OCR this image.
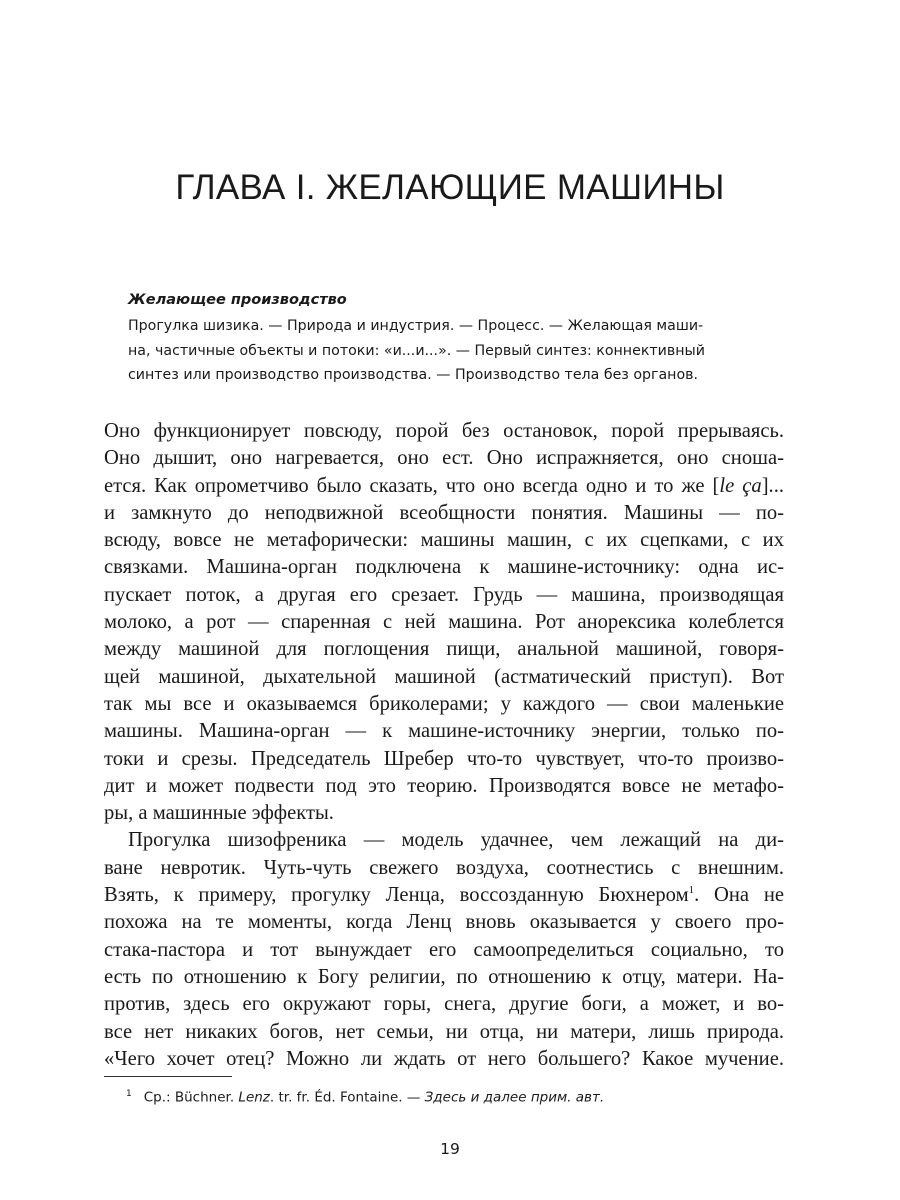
ГЛАВА I. ЖЕЛАЮЩИЕ МАШИНЫ

Желающее производство

Прогулка шизика. — Природа и индустрия. — Процесс. — Желающая маши-
на, частичные объекты и потоки: «и...и...». — Первый синтез: коннективный
синтез или производство производства. — Производство тела без органов.

Оно функционирует повсюду, порой без остановок, порой прерываясь.
Оно дышит, оно нагревается, оно ест. Оно испражняется, оно сноша-
ется. Как опрометчиво было сказать, что оно всегда одно и то же [le ça]...
и замкнуто до неподвижной всеобщности понятия. Машины — по-
всюду, вовсе не метафорически: машины машин, с их сцепками, с их
связками. Машина-орган подключена к машине-источнику: одна ис-
пускает поток, а другая его срезает. Грудь — машина, производящая
молоко, а рот — спаренная с ней машина. Рот анорексика колеблется
между машиной для поглощения пищи, анальной машиной, говоря-
щей машиной, дыхательной машиной (астматический приступ). Вот
так мы все и оказываемся бриколерами; у каждого — свои маленькие
машины. Машина-орган — к машине-источнику энергии, только по-
токи и срезы. Председатель Шребер что-то чувствует, что-то произво-
дит и может подвести под это теорию. Производятся вовсе не метафо-
ры, а машинные эффекты.

Прогулка шизофреника — модель удачнее, чем лежащий на ди-
ване невротик. Чуть-чуть свежего воздуха, соотнестись с внешним.
Взять, к примеру, прогулку Ленца, воссозданную Бюхнером$^1$. Она не
похожа на те моменты, когда Ленц вновь оказывается у своего про-
стака-пастора и тот вынуждает его самоопределиться социально, то
есть по отношению к Богу религии, по отношению к отцу, матери. На-
против, здесь его окружают горы, снега, другие боги, а может, и во-
все нет никаких богов, нет семьи, ни отца, ни матери, лишь природа.
«Чего хочет отец? Можно ли ждать от него большего? Какое мучение.

$^1$ Ср.: Büchner. Lenz. tr. fr. Éd. Fontaine. — Здесь и далее прим. авт.
19
